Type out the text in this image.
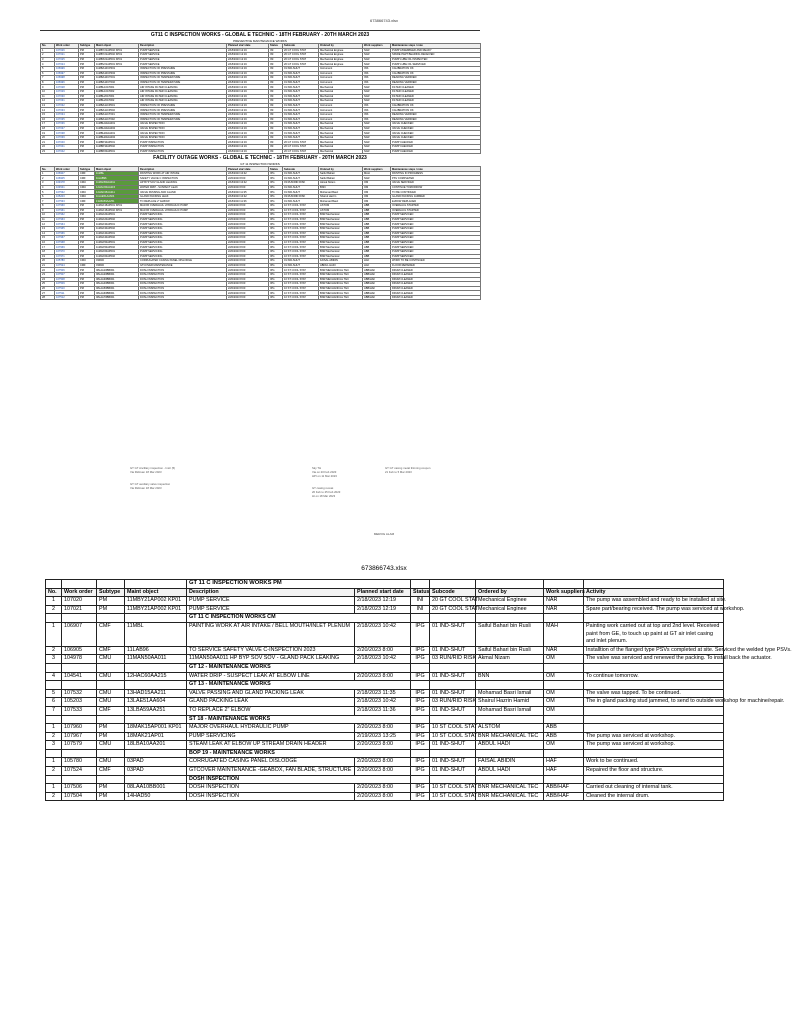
673866743.xlsx
GT11 C INSPECTION WORKS - GLOBAL E TECHNIC - 18TH FEBRUARY - 20TH MARCH 2023
PREVENTIVE MAINTENANCE WORKS
No.	Work order	Subtype	Maint object	Description	Planned start date	Status	Subcode	Ordered by	Work suppliers	Maintenance steps / note
1	107026	PM	11MBY21AP002 KP01	PUMP SERVICE	2/18/2023 12:19	INI	20 GT COOL STAT	Mechanical Enginee	NAR	PUMP ASSEMBLED AND READY
2	107021	PM	11MBY21AP002 KP01	PUMP SERVICE	2/18/2023 12:19	INI	20 GT COOL STAT	Mechanical Enginee	NAR	SPARE PART BEARING RECEIVED
3	107025	PM	11MBX21AP001 KP01	PUMP SERVICE	2/18/2023 12:19	INI	20 GT COOL STAT	Mechanical Enginee	NAR	PUMP LUBE OIL INSPECTED
4	107024	PM	11MBV21AP001 KP01	PUMP SERVICE	2/18/2023 12:19	INI	20 GT COOL STAT	Mechanical Enginee	NAR	PUMP LUBE OIL SERVICED
5	106999	PM	11MBA10CP001	INSPECTION OF PRESSURE	2/18/2023 12:19	INI	01 IND-SHUT	Instrument	INS	CALIBRATION OK
6	106997	PM	11MBA10CP002	INSPECTION OF PRESSURE	2/18/2023 12:19	INI	01 IND-SHUT	Instrument	INS	CALIBRATION OK
7	106998	PM	11MBA10CT001	INSPECTION OF TEMPERATURE	2/18/2023 12:19	INI	01 IND-SHUT	Instrument	INS	READING VERIFIED
8	106996	PM	11MBA10CT002	INSPECTION OF TEMPERATURE	2/18/2023 12:19	INI	01 IND-SHUT	Instrument	INS	READING VERIFIED
9	107028	PM	11MBL10AT001	AIR INTAKE FILTER CLEANING	2/18/2023 12:19	INI	01 IND-SHUT	Mechanical	NAR	FILTER CLEANED
10	107029	PM	11MBL10AT002	AIR INTAKE FILTER CLEANING	2/18/2023 12:19	INI	01 IND-SHUT	Mechanical	NAR	FILTER CLEANED
11	107030	PM	11MBL20AT001	AIR INTAKE FILTER CLEANING	2/18/2023 12:19	INI	01 IND-SHUT	Mechanical	NAR	FILTER CLEANED
12	107031	PM	11MBL20AT002	AIR INTAKE FILTER CLEANING	2/18/2023 12:19	INI	01 IND-SHUT	Mechanical	NAR	FILTER CLEANED
13	107032	PM	11MBA11CP001	INSPECTION OF PRESSURE	2/18/2023 12:19	INI	01 IND-SHUT	Instrument	INS	CALIBRATION OK
14	107033	PM	11MBA11CP002	INSPECTION OF PRESSURE	2/18/2023 12:19	INI	01 IND-SHUT	Instrument	INS	CALIBRATION OK
15	107034	PM	11MBA11CT001	INSPECTION OF TEMPERATURE	2/18/2023 12:19	INI	01 IND-SHUT	Instrument	INS	READING VERIFIED
16	107035	PM	11MBA11CT002	INSPECTION OF TEMPERATURE	2/18/2023 12:19	INI	01 IND-SHUT	Instrument	INS	READING VERIFIED
17	107036	PM	11MBH10AA001	VALVE INSPECTION	2/18/2023 12:19	INI	01 IND-SHUT	Mechanical	NAR	VALVE CHECKED
18	107037	PM	11MBH10AA002	VALVE INSPECTION	2/18/2023 12:19	INI	01 IND-SHUT	Mechanical	NAR	VALVE CHECKED
19	107038	PM	11MBH20AA001	VALVE INSPECTION	2/18/2023 12:19	INI	01 IND-SHUT	Mechanical	NAR	VALVE CHECKED
20	107039	PM	11MBH20AA002	VALVE INSPECTION	2/18/2023 12:19	INI	01 IND-SHUT	Mechanical	NAR	VALVE CHECKED
21	107040	PM	11MBP10AP001	PUMP INSPECTION	2/18/2023 12:19	INI	20 GT COOL STAT	Mechanical	NAR	PUMP CHECKED
22	107041	PM	11MBP10AP002	PUMP INSPECTION	2/18/2023 12:19	INI	20 GT COOL STAT	Mechanical	NAR	PUMP CHECKED
23	107042	PM	11MBP20AP001	PUMP INSPECTION	2/18/2023 12:19	INI	20 GT COOL STAT	Mechanical	NAR	PUMP CHECKED
FACILITY OUTAGE WORKS - GLOBAL E TECHNIC - 18TH FEBRUARY - 20TH MARCH 2023
GT 11 INSPECTION WORKS
No.	Work order	Subtype	Maint object	Description	Planned start date	Status	Subcode	Ordered by	Work suppliers	Maintenance steps / note
1	106907	CMF	11MBL	PAINTING WORK AT AIR INTAKE	2/18/2023 10:42	IPG	01 IND-SHUT	Saiful Bahari	MAH	PAINTING IN PROGRESS
2	106905	CMF	11LAB96	SAFETY VALVE C INSPECTION	2/20/2023 8:00	IPG	01 IND-SHUT	Saiful Bahari	NAR	PSV COMPLETED
3	104978	CMU	11MAN50AA011	HP BYP SOV GLAND LEAKING	2/18/2023 10:42	IPG	03 RUN/RID RISK	Akmal Nizam	OM	VALVE SERVICED
4	104541	CMU	12HAC60AA215	WATER DRIP - SUSPECT LEAK	2/20/2023 8:00	IPG	01 IND-SHUT	BNN	OM	CONTINUE TOMORROW
5	107532	CMU	12HAD15AA211	VALVE PASSING AND GLAND	2/18/2023 11:35	IPG	01 IND-SHUT	Mohamad Basri	OM	TO BE CONTINUED
6	105203	CMU	11LAE51AA604	GLAND PACKING LEAK	2/18/2023 10:42	IPG	03 RUN/RID RISK	Shairul Hazrin	OM	GLAND PACKING JAMMED
7	107533	CMF	13LBA59AA251	TO REPLACE 2" ELBOW	2/18/2023 11:36	IPG	01 IND-SHUT	Mohamad Basri	OM	ELBOW REPLACED
8	107960	PM	11MAK15AP001 KP01	MAJOR OVERHAUL HYDRAULIC PUMP	2/20/2023 8:00	IPG	10 ST COOL STAT	ASTOM	ABB	OVERHAUL STARTED
9	107961	PM	11MAK15AP002 KP01	MAJOR OVERHAUL HYDRAULIC PUMP	2/20/2023 8:00	IPG	10 ST COOL STAT	ASTOM	ABB	OVERHAUL STARTED
10	107962	PM	11MAK20AP001	PUMP SERVICING	2/20/2023 8:00	IPG	10 ST COOL STAT	BNR Mechanical	ABB	PUMP SERVICED
11	107963	PM	11MAK20AP002	PUMP SERVICING	2/20/2023 8:00	IPG	10 ST COOL STAT	BNR Mechanical	ABB	PUMP SERVICED
12	107964	PM	11MAK30AP001	PUMP SERVICING	2/20/2023 8:00	IPG	10 ST COOL STAT	BNR Mechanical	ABB	PUMP SERVICED
13	107965	PM	11MAK30AP002	PUMP SERVICING	2/20/2023 8:00	IPG	10 ST COOL STAT	BNR Mechanical	ABB	PUMP SERVICED
14	107966	PM	11MAK40AP001	PUMP SERVICING	2/20/2023 8:00	IPG	10 ST COOL STAT	BNR Mechanical	ABB	PUMP SERVICED
15	107967	PM	11MAK40AP002	PUMP SERVICING	2/20/2023 8:00	IPG	10 ST COOL STAT	BNR Mechanical	ABB	PUMP SERVICED
16	107968	PM	11MAK50AP001	PUMP SERVICING	2/20/2023 8:00	IPG	10 ST COOL STAT	BNR Mechanical	ABB	PUMP SERVICED
17	107969	PM	11MAK50AP002	PUMP SERVICING	2/20/2023 8:00	IPG	10 ST COOL STAT	BNR Mechanical	ABB	PUMP SERVICED
18	107970	PM	11MAK60AP001	PUMP SERVICING	2/20/2023 8:00	IPG	10 ST COOL STAT	BNR Mechanical	ABB	PUMP SERVICED
19	107971	PM	11MAK60AP002	PUMP SERVICING	2/20/2023 8:00	IPG	10 ST COOL STAT	BNR Mechanical	ABB	PUMP SERVICED
20	105780	CMU	03PAD	CORRUGATED CASING PANEL DISLODGE	2/20/2023 8:00	IPG	01 IND-SHUT	FAISAL ABIDIN	HAF	WORK TO BE CONTINUED
21	107524	CMF	03PAD	GTCOVER MAINTENANCE	2/20/2023 8:00	IPG	01 IND-SHUT	ABDUL HADI	HAF	FLOOR REPAIRED
22	107506	PM	08LAA10BB001	DOSH INSPECTION	2/20/2023 8:00	IPG	10 ST COOL STAT	BNR MECHANICAL TEC	ABB/HAF	DRUM CLEANED
23	107507	PM	08LAA20BB001	DOSH INSPECTION	2/20/2023 8:00	IPG	10 ST COOL STAT	BNR MECHANICAL TEC	ABB/HAF	DRUM CLEANED
24	107508	PM	08LAA30BB001	DOSH INSPECTION	2/20/2023 8:00	IPG	10 ST COOL STAT	BNR MECHANICAL TEC	ABB/HAF	DRUM CLEANED
25	107509	PM	08LAA40BB001	DOSH INSPECTION	2/20/2023 8:00	IPG	10 ST COOL STAT	BNR MECHANICAL TEC	ABB/HAF	DRUM CLEANED
26	107510	PM	08LAA50BB001	DOSH INSPECTION	2/20/2023 8:00	IPG	10 ST COOL STAT	BNR MECHANICAL TEC	ABB/HAF	DRUM CLEANED
27	107511	PM	08LAA60BB001	DOSH INSPECTION	2/20/2023 8:00	IPG	10 ST COOL STAT	BNR MECHANICAL TEC	ABB/HAF	DRUM CLEANED
28	107512	PM	08LAA70BB001	DOSH INSPECTION	2/20/2023 8:00	IPG	10 ST COOL STAT	BNR MECHANICAL TEC	ABB/HAF	DRUM CLEANED
GT GT Ancillary inspection - Instr (5)
Via Ridzuan 18 Mar 2023
Sky TH
Via on 20 Feb 2023
HPI on 11 Mar 2023
GT GT casing metal thinning coupon
21 Feb to 5 Mar 2023
GT GT auxiliary valve inspection
Via Ridzuan 18 Mar 2023	GT casing recoat
20 Feb to 25 Feb 2023
Ht on 18 Mar 2023
MEROG ALAM
673866743.xlsx
				GT 11 C INSPECTION WORKS PM						
No.	Work order	Subtype	Maint object	Description	Planned start date	Status	Subcode	Ordered by	Work suppliers	Activity
1	107020	PM	11MBY21AP002 KP01	PUMP SERVICE	2/18/2023 12:19	INI	20 GT COOL STAT	Mechanical Enginee	NAR	The pump was assembled and ready to be installed at site.
2	107021	PM	11MBY21AP002 KP01	PUMP SERVICE	2/18/2023 12:19	INI	20 GT COOL STAT	Mechanical Enginee	NAR	Spare part/bearing received. The pump was serviced at workshop.
				GT 11 C INSPECTION WORKS CM						
1	106907	CMF	11MBL	PAINTING WORK AT AIR INTAKE / BELL MOUTH/INLET PLENUM	2/18/2023 10:42	IPG	01 IND-SHUT	Saiful Bahari bin Rusli	MAH	Painting work carried out at top and 2nd level. Received paint from GE, to touch up paint at GT air inlet casing and inlet plenum.
2	106905	CMF	11LAB96	TO SERVICE SAFETY VALVE C-INSPECTION 2023	2/20/2023 8:00	IPG	01 IND-SHUT	Saiful Bahari bin Rusli	NAR	Installtion of the flanged type PSVs completed at site. Serviced the welded type PSVs.
3	104978	CMU	11MAN50AA011	11MAN50AA011 HP BYP SOV SOV - GLAND PACK LEAKING	2/18/2023 10:42	IPG	03 RUN/RID RISK	Akmal Nizam	OM	The valve was serviced and renewed the packing. To install back the actuator.
				GT 12 - MAINTENANCE WORKS						
4	104541	CMU	12HAC60AA215	WATER DRIP - SUSPECT LEAK AT ELBOW LINE	2/20/2023 8:00	IPG	01 IND-SHUT	BNN	OM	To continue tomorrow.
				GT 13 - MAINTENANCE WORKS						
5	107532	CMU	13HAD15AA211	VALVE PASSING AND GLAND PACKING LEAK	2/18/2023 11:35	IPG	01 IND-SHUT	Mohamad Basri Ismail	OM	The valve was tapped. To be continued.
6	105203	CMU	13LAE51AA604	GLAND PACKING LEAK	2/18/2023 10:42	IPG	03 RUN/RID RISK	Shairul Hazrin Hamid	OM	The in gland packing stud jammed, to send to outside workshop for machine/repair.
7	107533	CMF	13LBA59AA251	TO REPLACE 2" ELBOW	2/18/2023 11:36	IPG	01 IND-SHUT	Mohamad Basri Ismail	OM	
				ST 18 - MAINTENANCE WORKS						
1	107960	PM	18MAK15AP001 KP01	MAJOR OVERHAUL HYDRAULIC PUMP	2/20/2023 8:00	IPG	10 ST COOL STAT	ALSTOM	ABB	
2	107967	PM	18MAK21AP01	PUMP SERVICING	2/19/2023 13:25	IPG	10 ST COOL STAT	BNR MECHANICAL TEC	ABB	The pump was serviced at workshop.
3	107579	CMU	18LBA10AA201	STEAM LEAK AT ELBOW UP STREAM DRAIN HEADER	2/20/2023 8:00	IPG	01 IND-SHUT	ABDUL HADI	OM	The pump was serviced at workshop.
				BOP 19 - MAINTENANCE WORKS						
1	105780	CMU	03PAD	CORRUGATED CASING PANEL DISLODGE	2/20/2023 8:00	IPG	01 IND-SHUT	FAISAL ABIDIN	HAF	Work to be continued.
2	107524	CMF	03PAD	GTCOVER MAINTENANCE -GEABOX, FAN BLADE, STRUCTURE	2/20/2023 8:00	IPG	01 IND-SHUT	ABDUL HADI	HAF	Repaired the floor and structure.
				DOSH INSPECTION						
1	107506	PM	08LAA10BB001	DOSH INSPECTION	2/20/2023 8:00	IPG	10 ST COOL STAT	BNR MECHANICAL TEC	ABB/HAF	Carried out cleaning of internal tank.
2	107504	PM	14HAD50	DOSH INSPECTION	2/20/2023 8:00	IPG	10 ST COOL STAT	BNR MECHANICAL TEC	ABB/HAF	Cleaned the internal drum.
